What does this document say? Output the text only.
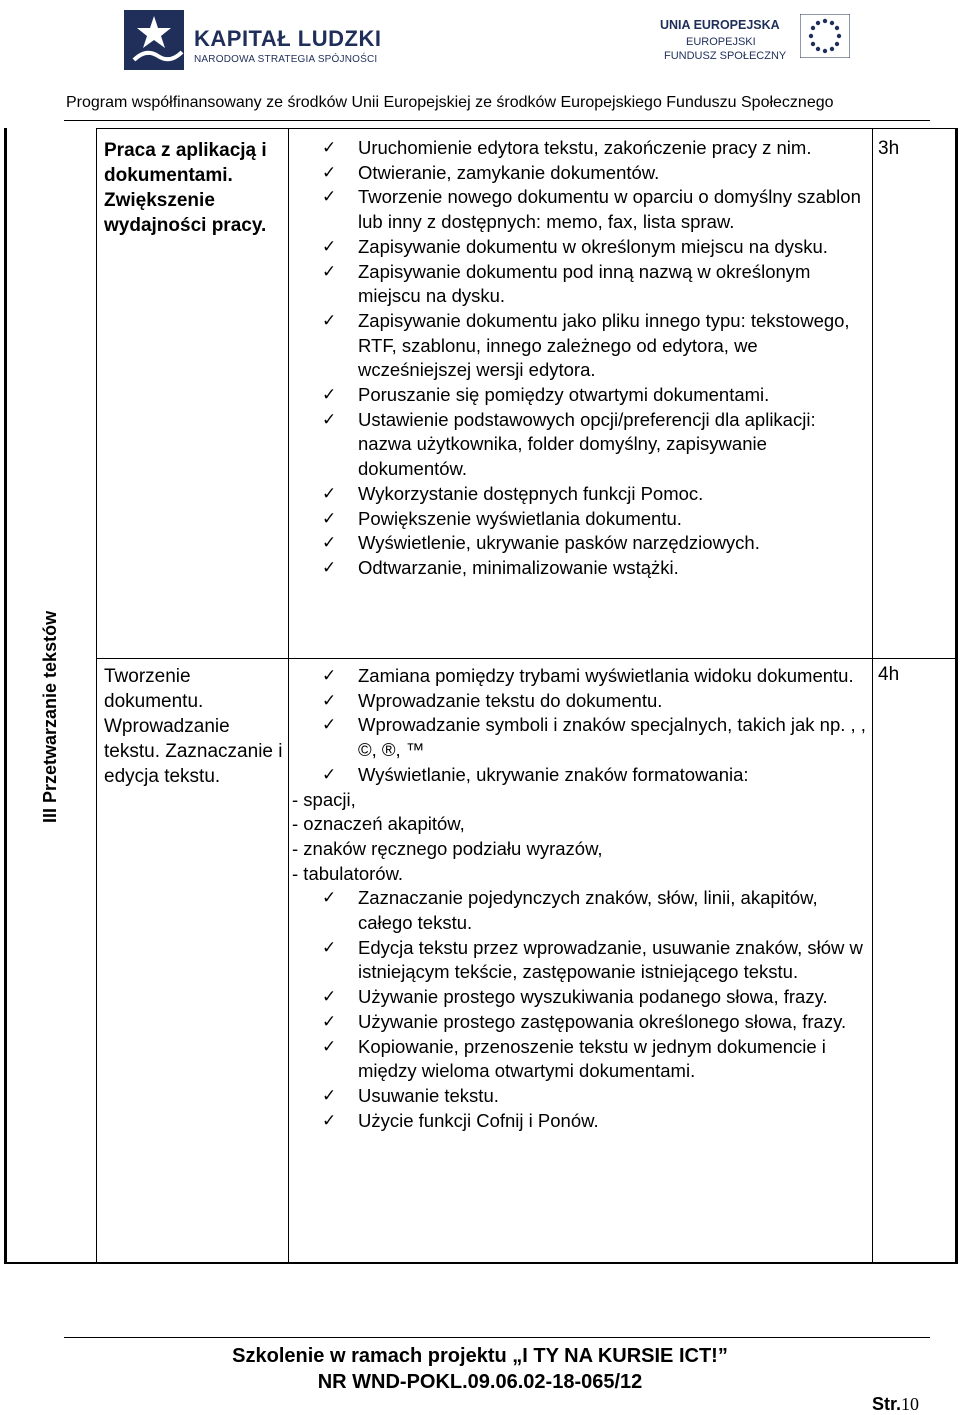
KAPITAŁ LUDZKI
NARODOWA STRATEGIA SPÓJNOŚCI
UNIA EUROPEJSKA
EUROPEJSKI
FUNDUSZ SPOŁECZNY
Program współfinansowany ze środków Unii Europejskiej ze środków Europejskiego Funduszu Społecznego
III Przetwarzanie tekstów
Praca z aplikacją i dokumentami. Zwiększenie wydajności pracy.
3h
✓ Uruchomienie edytora tekstu, zakończenie pracy z nim.
✓ Otwieranie, zamykanie dokumentów.
✓ Tworzenie nowego dokumentu w oparciu o domyślny szablon lub inny z dostępnych: memo, fax, lista spraw.
✓ Zapisywanie dokumentu w określonym miejscu na dysku.
✓ Zapisywanie dokumentu pod inną nazwą w określonym miejscu na dysku.
✓ Zapisywanie dokumentu jako pliku innego typu: tekstowego, RTF, szablonu, innego zależnego od edytora, we wcześniejszej wersji edytora.
✓ Poruszanie się pomiędzy otwartymi dokumentami.
✓ Ustawienie podstawowych opcji/preferencji dla aplikacji: nazwa użytkownika, folder domyślny, zapisywanie dokumentów.
✓ Wykorzystanie dostępnych funkcji Pomoc.
✓ Powiększenie wyświetlania dokumentu.
✓ Wyświetlenie, ukrywanie pasków narzędziowych.
✓ Odtwarzanie, minimalizowanie wstążki.
Tworzenie dokumentu. Wprowadzanie tekstu. Zaznaczanie i edycja tekstu.
4h
✓ Zamiana pomiędzy trybami wyświetlania widoku dokumentu.
✓ Wprowadzanie tekstu do dokumentu.
✓ Wprowadzanie symboli i znaków specjalnych, takich jak np. , , ©, ®, ™
✓ Wyświetlanie, ukrywanie znaków formatowania:
- spacji,
- oznaczeń akapitów,
- znaków ręcznego podziału wyrazów,
- tabulatorów.
✓ Zaznaczanie pojedynczych znaków, słów, linii, akapitów, całego tekstu.
✓ Edycja tekstu przez wprowadzanie, usuwanie znaków, słów w istniejącym tekście, zastępowanie istniejącego tekstu.
✓ Używanie prostego wyszukiwania podanego słowa, frazy.
✓ Używanie prostego zastępowania określonego słowa, frazy.
✓ Kopiowanie, przenoszenie tekstu w jednym dokumencie i między wieloma otwartymi dokumentami.
✓ Usuwanie tekstu.
✓ Użycie funkcji Cofnij i Ponów.
Szkolenie w ramach projektu „I TY NA KURSIE ICT!”
NR WND-POKL.09.06.02-18-065/12
Str.10
